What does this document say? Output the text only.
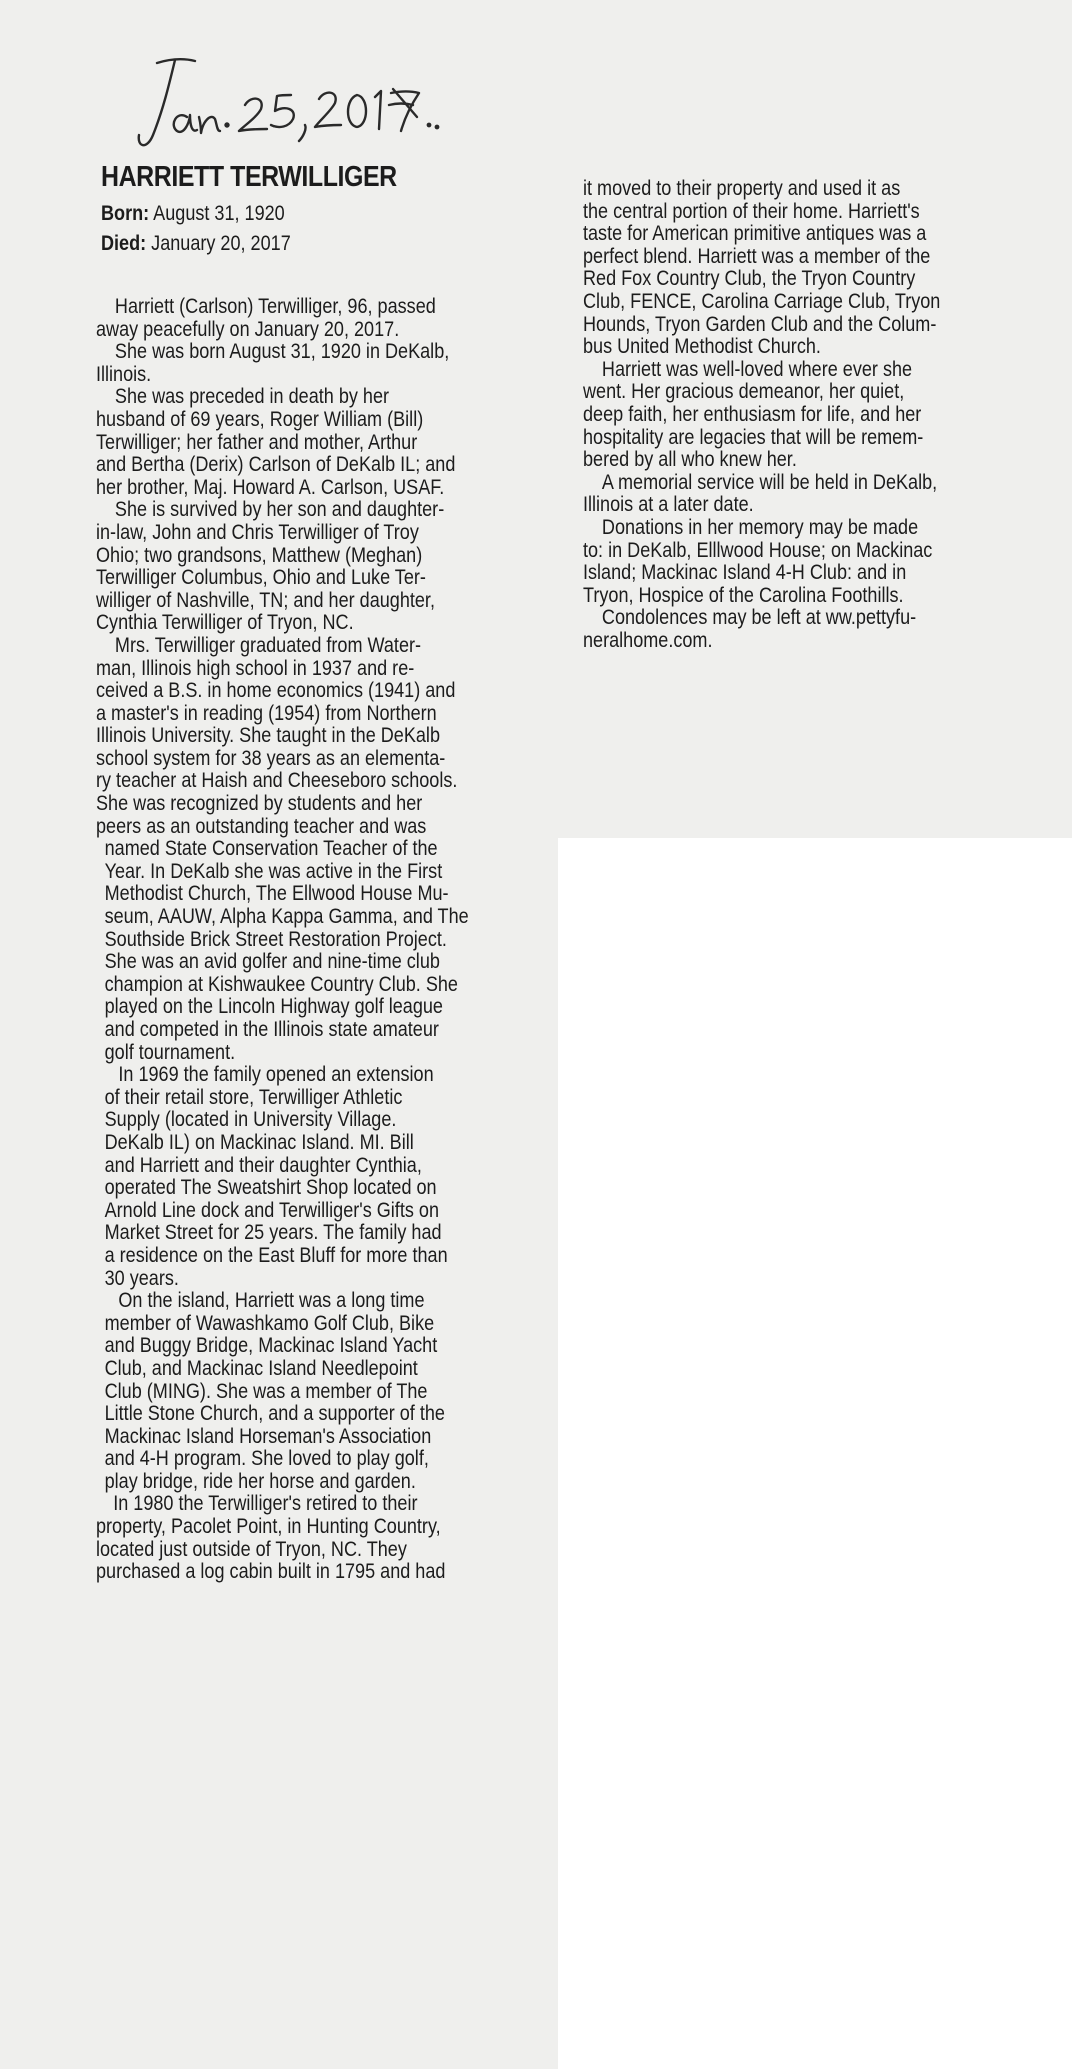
HARRIETT TERWILLIGER

Born: August 31, 1920

Died: January 20, 2017

Harriett (Carlson) Terwilliger, 96, passed

away peacefully on January 20, 2017.

She was born August 31, 1920 in DeKalb,

Illinois.

She was preceded in death by her

husband of 69 years, Roger William (Bill)

Terwilliger; her father and mother, Arthur

and Bertha (Derix) Carlson of DeKalb IL; and

her brother, Maj. Howard A. Carlson, USAF.

She is survived by her son and daughter-

in-law, John and Chris Terwilliger of Troy

Ohio; two grandsons, Matthew (Meghan)

Terwilliger Columbus, Ohio and Luke Ter-

williger of Nashville, TN; and her daughter,

Cynthia Terwilliger of Tryon, NC.

Mrs. Terwilliger graduated from Water-

man, Illinois high school in 1937 and re-

ceived a B.S. in home economics (1941) and

a master's in reading (1954) from Northern

Illinois University. She taught in the DeKalb

school system for 38 years as an elementa-

ry teacher at Haish and Cheeseboro schools.

She was recognized by students and her

peers as an outstanding teacher and was

named State Conservation Teacher of the

Year. In DeKalb she was active in the First

Methodist Church, The Ellwood House Mu-

seum, AAUW, Alpha Kappa Gamma, and The

Southside Brick Street Restoration Project.

She was an avid golfer and nine-time club

champion at Kishwaukee Country Club. She

played on the Lincoln Highway golf league

and competed in the Illinois state amateur

golf tournament.

In 1969 the family opened an extension

of their retail store, Terwilliger Athletic

Supply (located in University Village.

DeKalb IL) on Mackinac Island. MI. Bill

and Harriett and their daughter Cynthia,

operated The Sweatshirt Shop located on

Arnold Line dock and Terwilliger's Gifts on

Market Street for 25 years. The family had

a residence on the East Bluff for more than

30 years.

On the island, Harriett was a long time

member of Wawashkamo Golf Club, Bike

and Buggy Bridge, Mackinac Island Yacht

Club, and Mackinac Island Needlepoint

Club (MING). She was a member of The

Little Stone Church, and a supporter of the

Mackinac Island Horseman's Association

and 4-H program. She loved to play golf,

play bridge, ride her horse and garden.

In 1980 the Terwilliger's retired to their

property, Pacolet Point, in Hunting Country,

located just outside of Tryon, NC. They

purchased a log cabin built in 1795 and had

it moved to their property and used it as

the central portion of their home. Harriett's

taste for American primitive antiques was a

perfect blend. Harriett was a member of the

Red Fox Country Club, the Tryon Country

Club, FENCE, Carolina Carriage Club, Tryon

Hounds, Tryon Garden Club and the Colum-

bus United Methodist Church.

Harriett was well-loved where ever she

went. Her gracious demeanor, her quiet,

deep faith, her enthusiasm for life, and her

hospitality are legacies that will be remem-

bered by all who knew her.

A memorial service will be held in DeKalb,

Illinois at a later date.

Donations in her memory may be made

to: in DeKalb, Elllwood House; on Mackinac

Island; Mackinac Island 4-H Club: and in

Tryon, Hospice of the Carolina Foothills.

Condolences may be left at ww.pettyfu-

neralhome.com.
